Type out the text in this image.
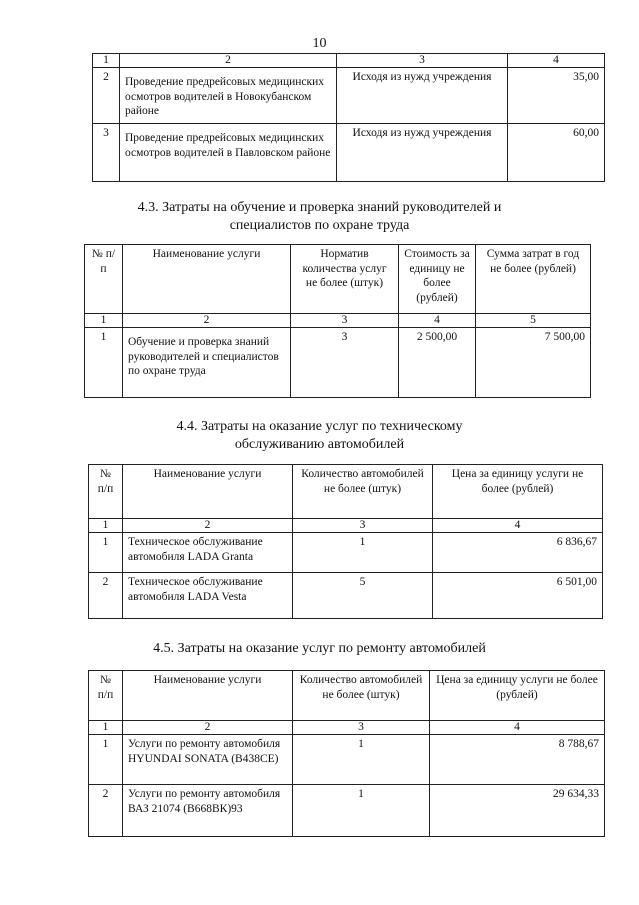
10
1	2	3	4
2	Проведение предрейсовых медицинских осмотров водителей в Новокубанском районе	Исходя из нужд учреждения	35,00
3	Проведение предрейсовых медицинских осмотров водителей в Павловском районе	Исходя из нужд учреждения	60,00
4.3. Затраты на обучение и проверка знаний руководителей и
специалистов по охране труда
№ п/п	Наименование услуги	Норматив количества услуг не более (штук)	Стоимость за единицу не более (рублей)	Сумма затрат в год не более (рублей)
1	2	3	4	5
1	Обучение и проверка знаний руководителей и специалистов по охране труда	3	2 500,00	7 500,00
4.4. Затраты на оказание услуг по техническому
обслуживанию автомобилей
№ п/п	Наименование услуги	Количество автомобилей не более (штук)	Цена за единицу услуги не более (рублей)
1	2	3	4
1	Техническое обслуживание автомобиля LADA Granta	1	6 836,67
2	Техническое обслуживание автомобиля LADA Vesta	5	6 501,00
4.5. Затраты на оказание услуг по ремонту автомобилей
№ п/п	Наименование услуги	Количество автомобилей не более (штук)	Цена за единицу услуги не более (рублей)
1	2	3	4
1	Услуги по ремонту автомобиля HYUNDAI SONATA (В438СЕ)	1	8 788,67
2	Услуги по ремонту автомобиля ВАЗ 21074 (В668ВК)93	1	29 634,33
